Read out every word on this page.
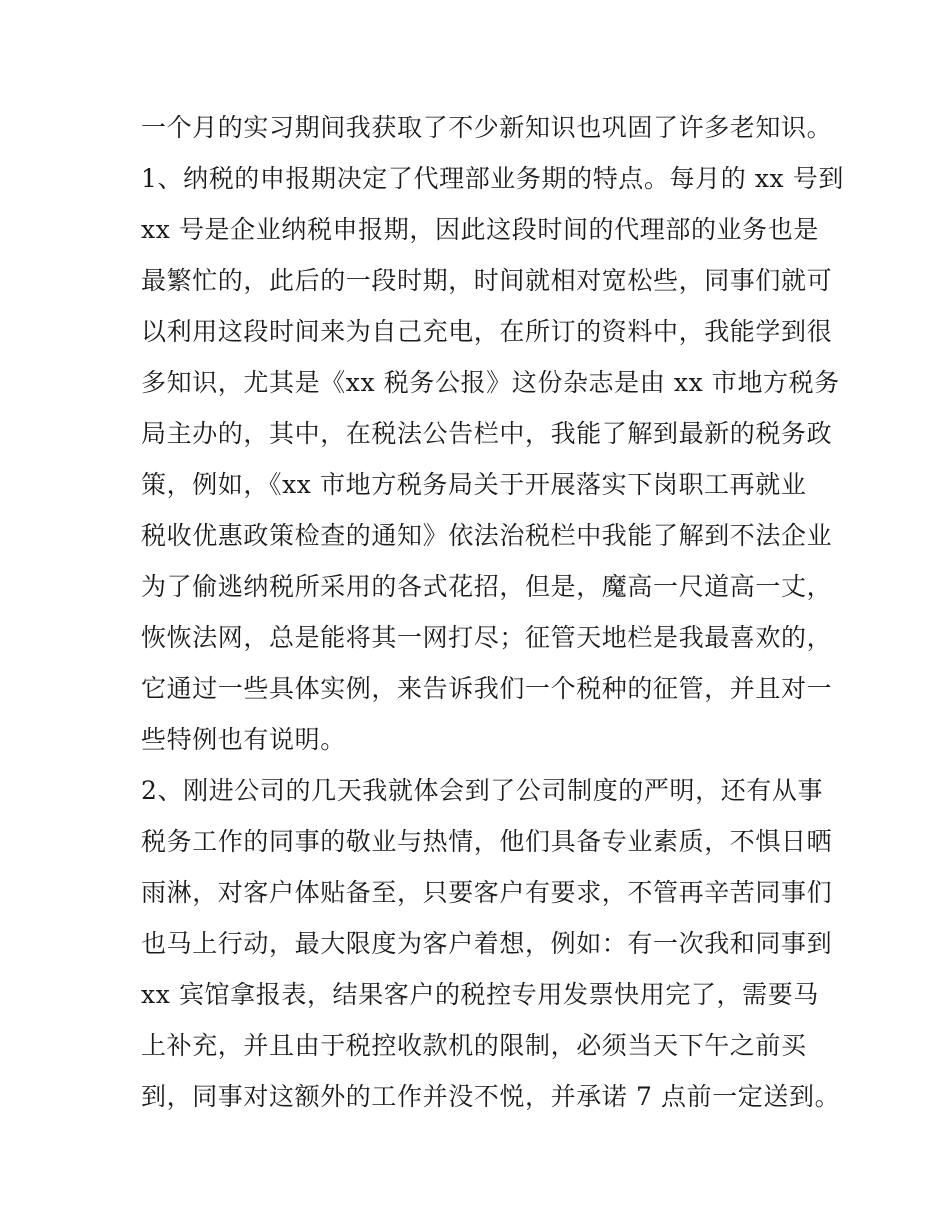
一个月的实习期间我获取了不少新知识也巩固了许多老知识。
1、纳税的申报期决定了代理部业务期的特点。每月的 xx 号到
xx 号是企业纳税申报期，因此这段时间的代理部的业务也是
最繁忙的，此后的一段时期，时间就相对宽松些，同事们就可
以利用这段时间来为自己充电，在所订的资料中，我能学到很
多知识，尤其是《xx 税务公报》这份杂志是由 xx 市地方税务
局主办的，其中，在税法公告栏中，我能了解到最新的税务政
策，例如，《xx 市地方税务局关于开展落实下岗职工再就业
税收优惠政策检查的通知》依法治税栏中我能了解到不法企业
为了偷逃纳税所采用的各式花招，但是，魔高一尺道高一丈，
恢恢法网，总是能将其一网打尽；征管天地栏是我最喜欢的，
它通过一些具体实例，来告诉我们一个税种的征管，并且对一
些特例也有说明。
2、刚进公司的几天我就体会到了公司制度的严明，还有从事
税务工作的同事的敬业与热情，他们具备专业素质，不惧日晒
雨淋，对客户体贴备至，只要客户有要求，不管再辛苦同事们
也马上行动，最大限度为客户着想，例如：有一次我和同事到
xx 宾馆拿报表，结果客户的税控专用发票快用完了，需要马
上补充，并且由于税控收款机的限制，必须当天下午之前买
到，同事对这额外的工作并没不悦，并承诺 7 点前一定送到。
